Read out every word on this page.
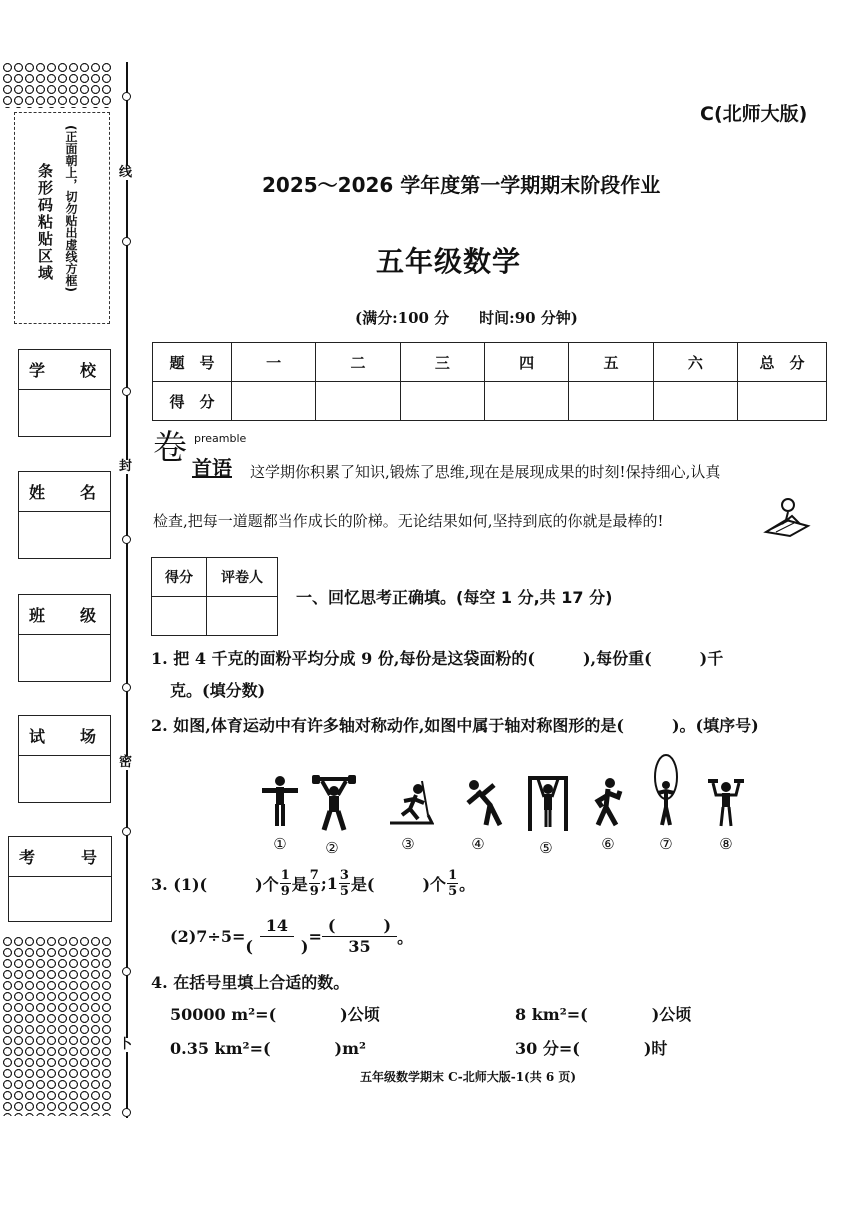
条形码粘贴区域 (正面朝上，切勿贴出虚线方框)
学 校
姓 名
班 级
试 场
考	号
线
封
密
卜
C(北师大版)
2025～2026 学年度第一学期期末阶段作业
五年级数学
(满分:100 分　　时间:90 分钟)
题　号	一	二	三	四	五	六	总　分
得　分							
卷 preamble
首语 这学期你积累了知识,锻炼了思维,现在是展现成果的时刻!保持细心,认真
检查,把每一道题都当作成长的阶梯。无论结果如何,坚持到底的你就是最棒的!
得分	评卷人

一、回忆思考正确填。(每空 1 分,共 17 分)
1. 把 4 千克的面粉平均分成 9 份,每份是这袋面粉的(　　　),每份重(　　　)千
克。(填分数)
2. 如图,体育运动中有许多轴对称动作,如图中属于轴对称图形的是(　　　)。(填序号)
①	②	③	④	⑤	⑥	⑦	⑧
3. (1)(　　　)个 $\frac{1}{9}$ 是 $\frac{7}{9}$ ;1 $\frac{3}{5}$ 是(　　　)个 $\frac{1}{5}$ 。
(2)7÷5=
14
(　　　)
=
(　　　)
35 。
4. 在括号里填上合适的数。
50000 m²=(　　　　)公顷	8 km²=(　　　　)公顷
0.35 km²=(　　　　)m²	30 分=(　　　　)时
五年级数学期末 C-北师大版-1(共 6 页)
